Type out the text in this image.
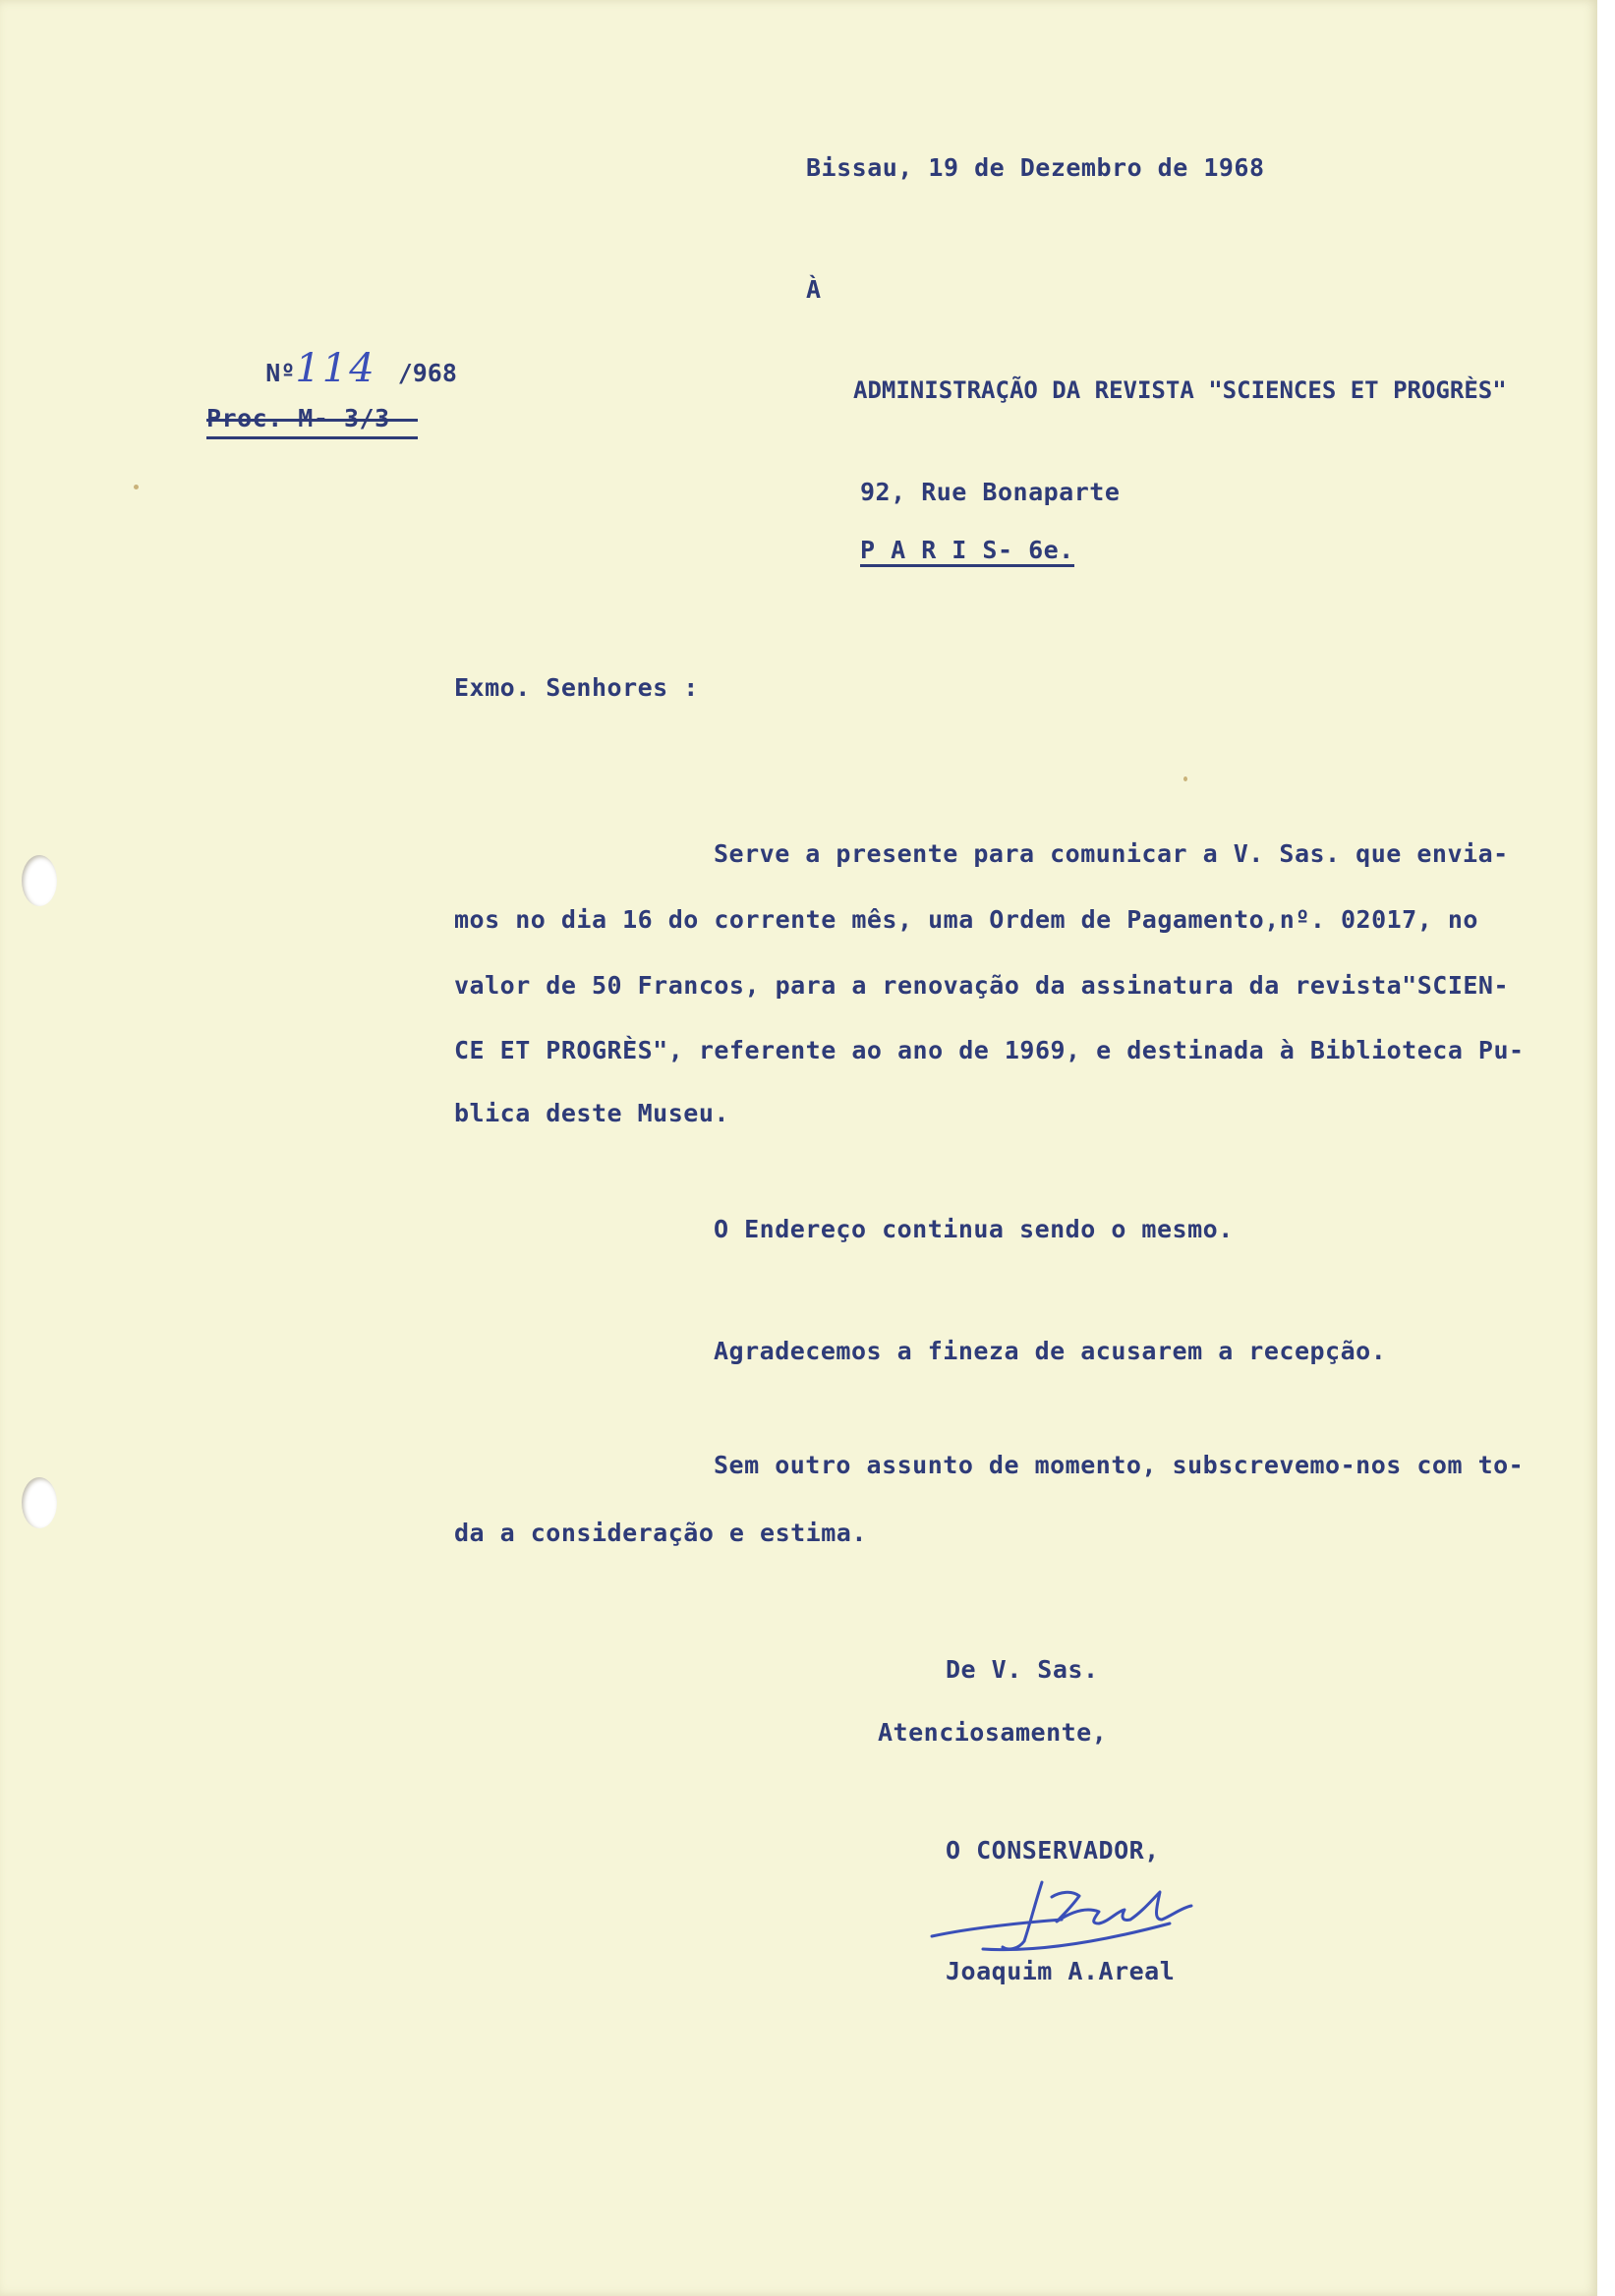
Bissau, 19 de Dezembro de 1968
À

Nº114 /968

Proc. M- 3/3
ADMINISTRAÇÃO DA REVISTA "SCIENCES ET PROGRÈS"
92, Rue Bonaparte
P A R I S- 6e.
Exmo. Senhores :
Serve a presente para comunicar a V. Sas. que envia-
mos no dia 16 do corrente mês, uma Ordem de Pagamento,nº. 02017, no
valor de 50 Francos, para a renovação da assinatura da revista"SCIEN-
CE ET PROGRÈS", referente ao ano de 1969, e destinada à Biblioteca Pu-
blica deste Museu.
O Endereço continua sendo o mesmo.
Agradecemos a fineza de acusarem a recepção.
Sem outro assunto de momento, subscrevemo-nos com to-
da a consideração e estima.
De V. Sas.
Atenciosamente,
O CONSERVADOR,
Joaquim A.Areal
